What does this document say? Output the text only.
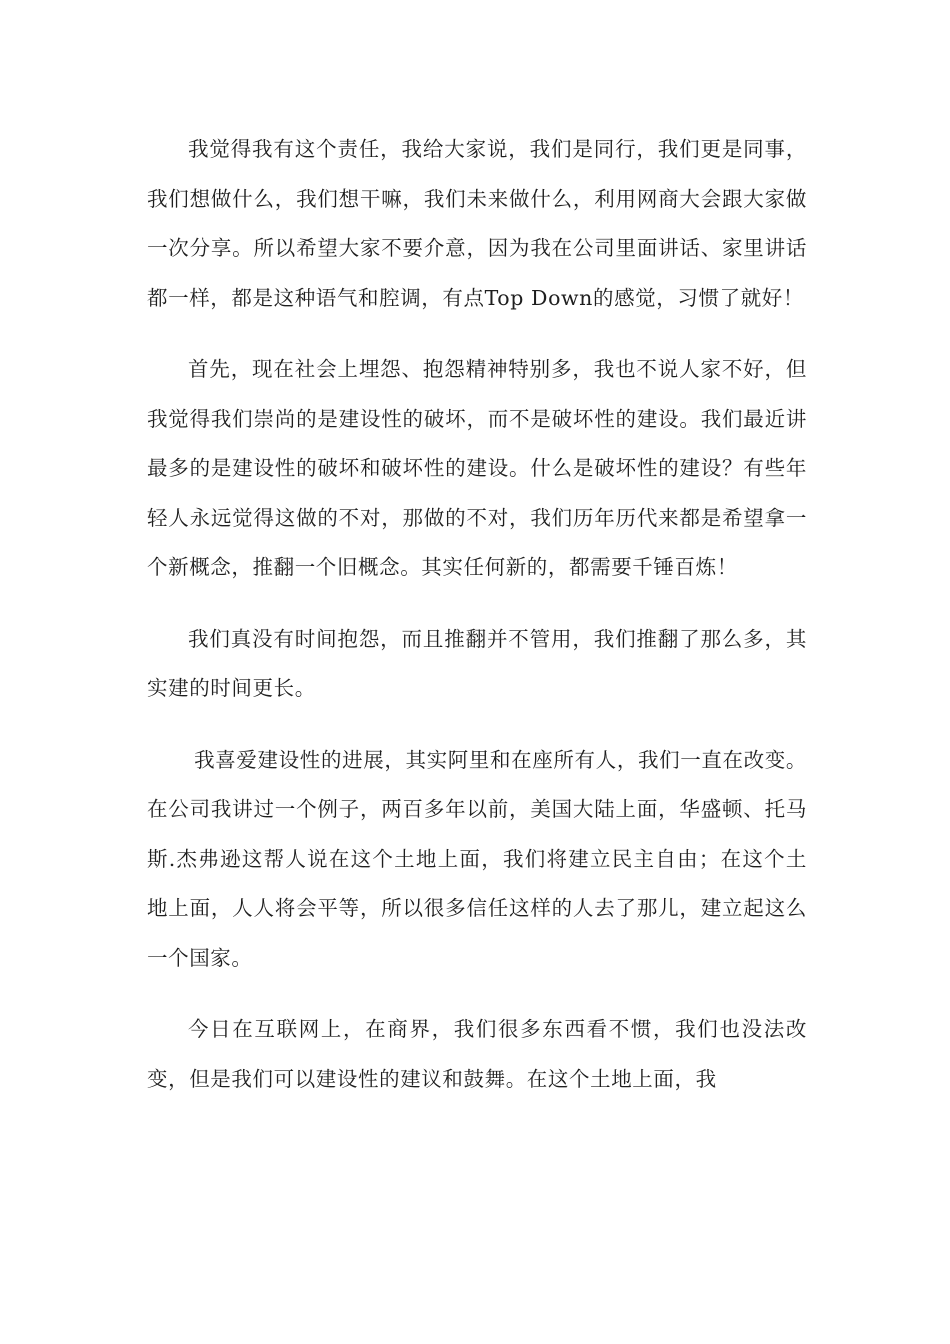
我觉得我有这个责任，我给大家说，我们是同行，我们更是同事，我们想做什么，我们想干嘛，我们未来做什么，利用网商大会跟大家做一次分享。所以希望大家不要介意，因为我在公司里面讲话、家里讲话都一样，都是这种语气和腔调，有点Top Down的感觉，习惯了就好！

首先，现在社会上埋怨、抱怨精神特别多，我也不说人家不好，但我觉得我们崇尚的是建设性的破坏，而不是破坏性的建设。我们最近讲最多的是建设性的破坏和破坏性的建设。什么是破坏性的建设？有些年轻人永远觉得这做的不对，那做的不对，我们历年历代来都是希望拿一个新概念，推翻一个旧概念。其实任何新的，都需要千锤百炼！

我们真没有时间抱怨，而且推翻并不管用，我们推翻了那么多，其实建的时间更长。

我喜爱建设性的进展，其实阿里和在座所有人，我们一直在改变。在公司我讲过一个例子，两百多年以前，美国大陆上面，华盛顿、托马斯.杰弗逊这帮人说在这个土地上面，我们将建立民主自由；在这个土地上面，人人将会平等，所以很多信任这样的人去了那儿，建立起这么一个国家。

今日在互联网上，在商界，我们很多东西看不惯，我们也没法改变，但是我们可以建设性的建议和鼓舞。在这个土地上面，我
